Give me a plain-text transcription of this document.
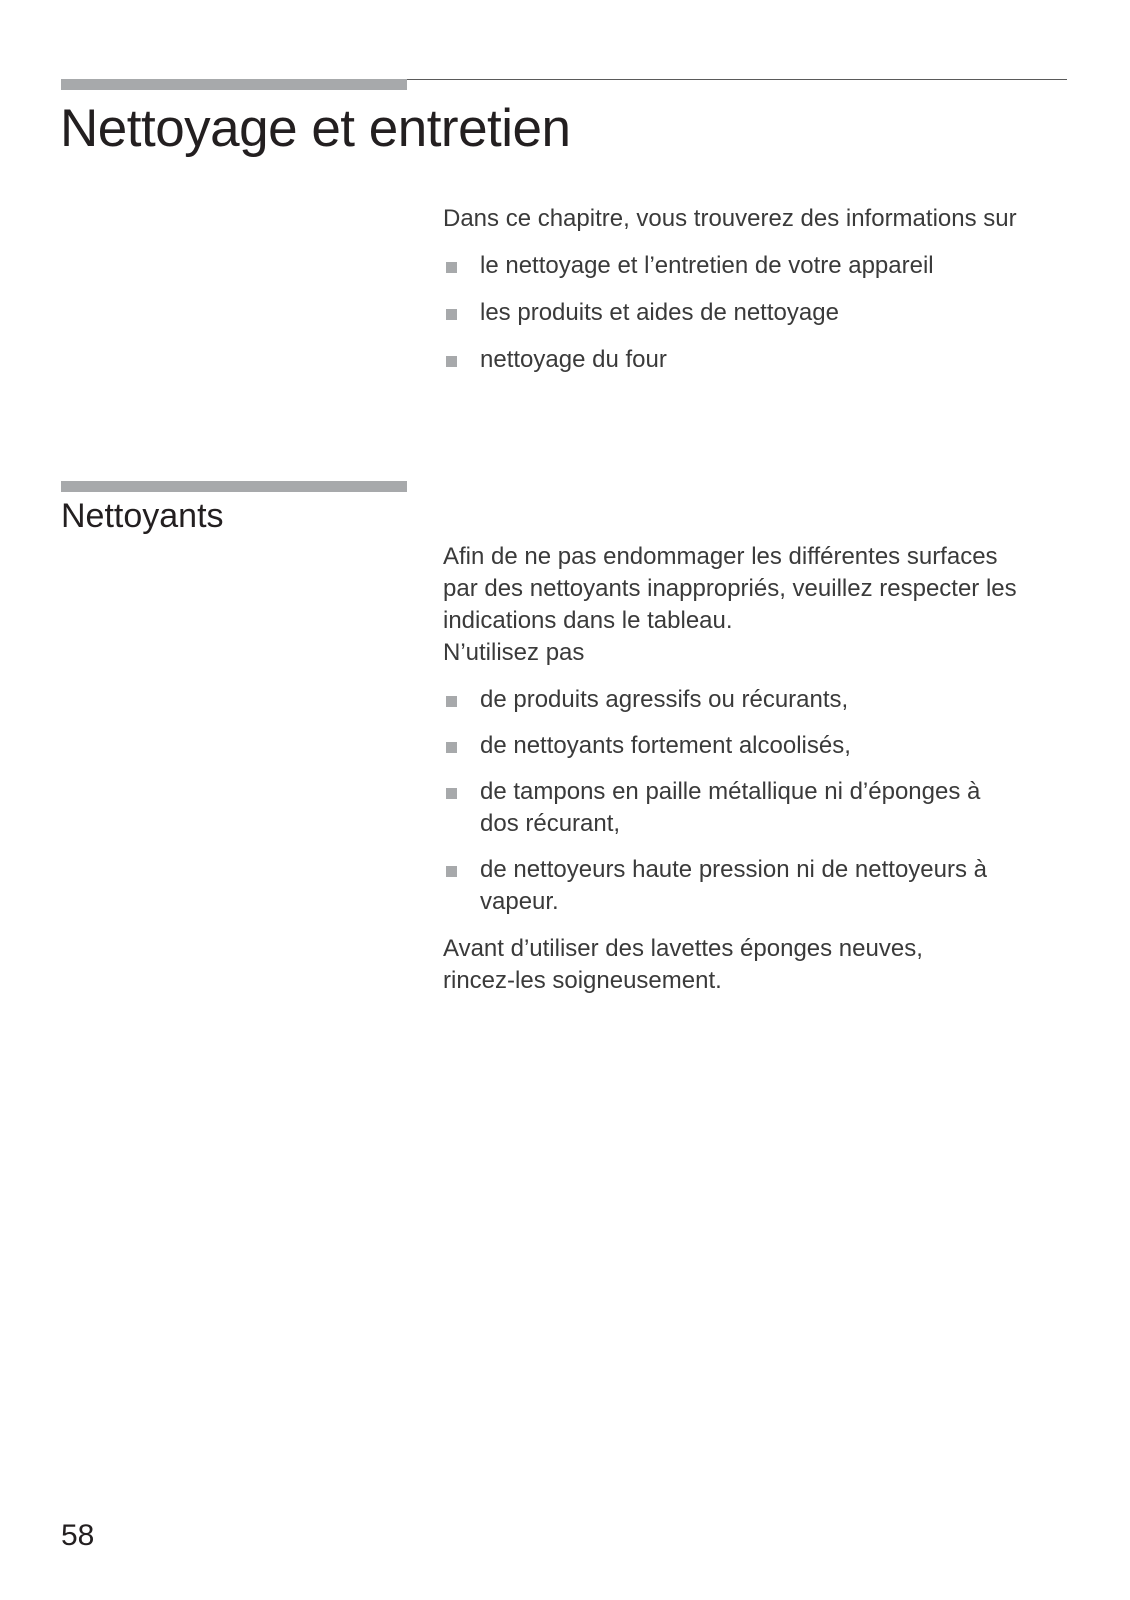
Nettoyage et entretien

Dans ce chapitre, vous trouverez des informations sur

le nettoyage et l’entretien de votre appareil
les produits et aides de nettoyage
nettoyage du four
Nettoyants

Afin de ne pas endommager les différentes surfaces
par des nettoyants inappropriés, veuillez respecter les
indications dans le tableau.
N’utilisez pas

de produits agressifs ou récurants,
de nettoyants fortement alcoolisés,
de tampons en paille métallique ni d’éponges à
dos récurant,
de nettoyeurs haute pression ni de nettoyeurs à
vapeur.

Avant d’utiliser des lavettes éponges neuves,
rincez-les soigneusement.

58
